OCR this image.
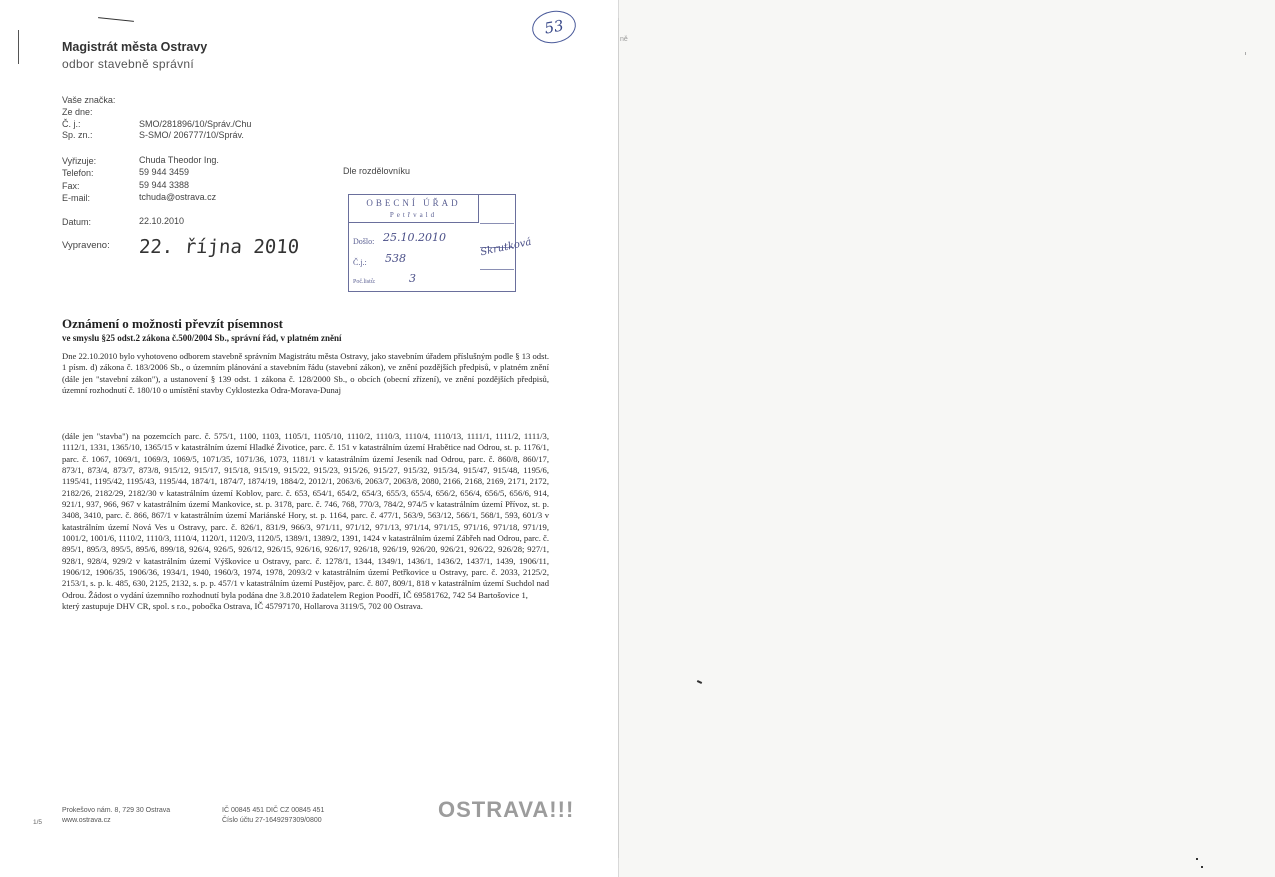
53
Magistrát města Ostravy
odbor stavebně správní
Vaše značka:
Ze dne:
Č. j.:	SMO/281896/10/Správ./Chu
Sp. zn.:	S-SMO/ 206777/10/Správ.
Vyřizuje:	Chuda Theodor Ing.
Telefon:	59 944 3459
Fax:	59 944 3388
E-mail:	tchuda@ostrava.cz
Datum:	22.10.2010
Vypraveno: 22. října 2010
Dle rozdělovníku
OBECNÍ ÚŘAD
Petřvald
Došlo: 25.10.2010
Č.j.: 538
Poč.listů:	3
Skrutková
Oznámení o možnosti převzít písemnost
ve smyslu §25 odst.2 zákona č.500/2004 Sb., správní řád, v platném znění
Dne 22.10.2010 bylo vyhotoveno odborem stavebně správním Magistrátu města Ostravy, jako stavebním úřadem příslušným podle § 13 odst. 1 písm. d) zákona č. 183/2006 Sb., o územním plánování a stavebním řádu (stavební zákon), ve znění pozdějších předpisů, v platném znění (dále jen "stavební zákon"), a ustanovení § 139 odst. 1 zákona č. 128/2000 Sb., o obcích (obecní zřízení), ve znění pozdějších předpisů, územní rozhodnutí č. 180/10 o umístění stavby Cyklostezka Odra-Morava-Dunaj
(dále jen "stavba") na pozemcích parc. č. 575/1, 1100, 1103, 1105/1, 1105/10, 1110/2, 1110/3, 1110/4, 1110/13, 1111/1, 1111/2, 1111/3, 1112/1, 1331, 1365/10, 1365/15 v katastrálním území Hladké Životice, parc. č. 151 v katastrálním území Hrabětice nad Odrou, st. p. 1176/1, parc. č. 1067, 1069/1, 1069/3, 1069/5, 1071/35, 1071/36, 1073, 1181/1 v katastrálním území Jeseník nad Odrou, parc. č. 860/8, 860/17, 873/1, 873/4, 873/7, 873/8, 915/12, 915/17, 915/18, 915/19, 915/22, 915/23, 915/26, 915/27, 915/32, 915/34, 915/47, 915/48, 1195/6, 1195/41, 1195/42, 1195/43, 1195/44, 1874/1, 1874/7, 1874/19, 1884/2, 2012/1, 2063/6, 2063/7, 2063/8, 2080, 2166, 2168, 2169, 2171, 2172, 2182/26, 2182/29, 2182/30 v katastrálním území Koblov, parc. č. 653, 654/1, 654/2, 654/3, 655/3, 655/4, 656/2, 656/4, 656/5, 656/6, 914, 921/1, 937, 966, 967 v katastrálním území Mankovice, st. p. 3178, parc. č. 746, 768, 770/3, 784/2, 974/5 v katastrálním území Přívoz, st. p. 3408, 3410, parc. č. 866, 867/1 v katastrálním území Mariánské Hory, st. p. 1164, parc. č. 477/1, 563/9, 563/12, 566/1, 568/1, 593, 601/3 v katastrálním území Nová Ves u Ostravy, parc. č. 826/1, 831/9, 966/3, 971/11, 971/12, 971/13, 971/14, 971/15, 971/16, 971/18, 971/19, 1001/2, 1001/6, 1110/2, 1110/3, 1110/4, 1120/1, 1120/3, 1120/5, 1389/1, 1389/2, 1391, 1424 v katastrálním území Zábřeh nad Odrou, parc. č. 895/1, 895/3, 895/5, 895/6, 899/18, 926/4, 926/5, 926/12, 926/15, 926/16, 926/17, 926/18, 926/19, 926/20, 926/21, 926/22, 926/28; 927/1, 928/1, 928/4, 929/2 v katastrálním území Výškovice u Ostravy, parc. č. 1278/1, 1344, 1349/1, 1436/1, 1436/2, 1437/1, 1439, 1906/11, 1906/12, 1906/35, 1906/36, 1934/1, 1940, 1960/3, 1974, 1978, 2093/2 v katastrálním území Petřkovice u Ostravy, parc. č. 2033, 2125/2, 2153/1, s. p. k. 485, 630, 2125, 2132, s. p. p. 457/1 v katastrálním území Pustějov, parc. č. 807, 809/1, 818 v katastrálním území Suchdol nad Odrou. Žádost o vydání územního rozhodnutí byla podána dne 3.8.2010 žadatelem Region Poodří, IČ 69581762, 742 54 Bartošovice 1,
který zastupuje DHV CR, spol. s r.o., pobočka Ostrava, IČ 45797170, Hollarova 3119/5, 702 00 Ostrava.
1/5
Prokešovo nám. 8, 729 30 Ostrava
www.ostrava.cz
IČ 00845 451 DIČ CZ 00845 451
Číslo účtu 27-1649297309/0800	OSTRAVA!!!
ně
